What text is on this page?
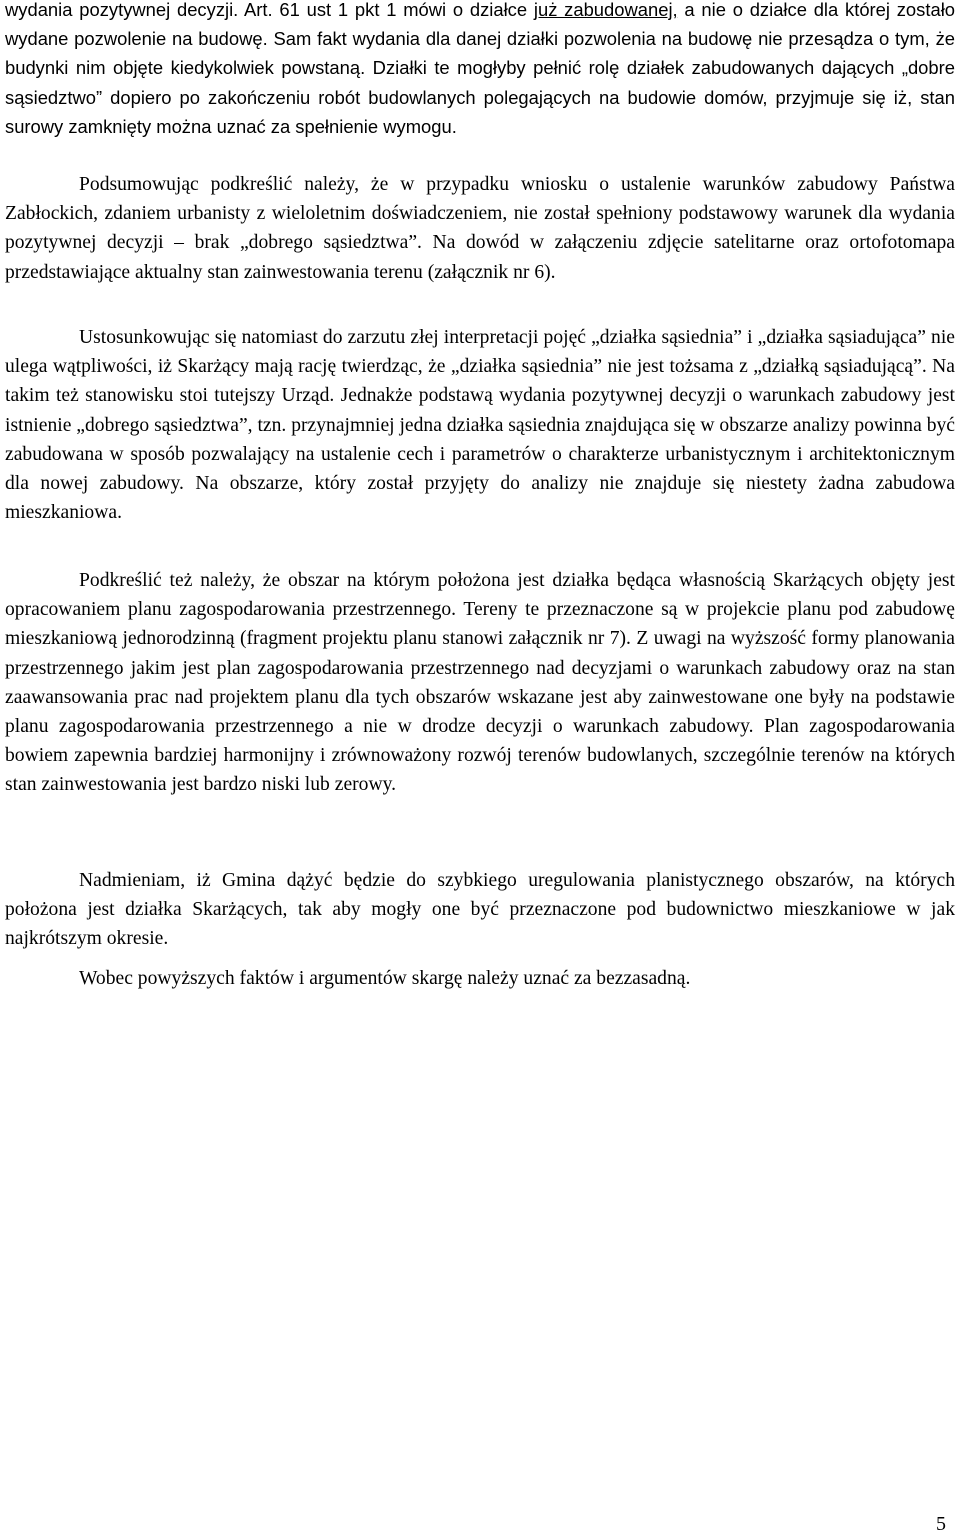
wydania pozytywnej decyzji. Art. 61 ust 1 pkt 1 mówi o działce już zabudowanej, a nie o działce dla której zostało wydane pozwolenie na budowę. Sam fakt wydania dla danej działki pozwolenia na budowę nie przesądza o tym, że budynki nim objęte kiedykolwiek powstaną. Działki te mogłyby pełnić rolę działek zabudowanych dających „dobre sąsiedztwo” dopiero po zakończeniu robót budowlanych polegających na budowie domów, przyjmuje się iż, stan surowy zamknięty można uznać za spełnienie wymogu.

Podsumowując podkreślić należy, że w przypadku wniosku o ustalenie warunków zabudowy Państwa Zabłockich, zdaniem urbanisty z wieloletnim doświadczeniem, nie został spełniony podstawowy warunek dla wydania pozytywnej decyzji – brak „dobrego sąsiedztwa”. Na dowód w załączeniu zdjęcie satelitarne oraz ortofotomapa przedstawiające aktualny stan zainwestowania terenu (załącznik nr 6).

Ustosunkowując się natomiast do zarzutu złej interpretacji pojęć „działka sąsiednia” i „działka sąsiadująca” nie ulega wątpliwości, iż Skarżący mają rację twierdząc, że „działka sąsiednia” nie jest tożsama z „działką sąsiadującą”. Na takim też stanowisku stoi tutejszy Urząd. Jednakże podstawą wydania pozytywnej decyzji o warunkach zabudowy jest istnienie „dobrego sąsiedztwa”, tzn. przynajmniej jedna działka sąsiednia znajdująca się w obszarze analizy powinna być zabudowana w sposób pozwalający na ustalenie cech i parametrów o charakterze urbanistycznym i architektonicznym dla nowej zabudowy. Na obszarze, który został przyjęty do analizy nie znajduje się niestety żadna zabudowa mieszkaniowa.

Podkreślić też należy, że obszar na którym położona jest działka będąca własnością Skarżących objęty jest opracowaniem planu zagospodarowania przestrzennego. Tereny te przeznaczone są w projekcie planu pod zabudowę mieszkaniową jednorodzinną (fragment projektu planu stanowi załącznik nr 7). Z uwagi na wyższość formy planowania przestrzennego jakim jest plan zagospodarowania przestrzennego nad decyzjami o warunkach zabudowy oraz na stan zaawansowania prac nad projektem planu dla tych obszarów wskazane jest aby zainwestowane one były na podstawie planu zagospodarowania przestrzennego a nie w drodze decyzji o warunkach zabudowy. Plan zagospodarowania bowiem zapewnia bardziej harmonijny i zrównoważony rozwój terenów budowlanych, szczególnie terenów na których stan zainwestowania jest bardzo niski lub zerowy.

Nadmieniam, iż Gmina dążyć będzie do szybkiego uregulowania planistycznego obszarów, na których położona jest działka Skarżących, tak aby mogły one być przeznaczone pod budownictwo mieszkaniowe w jak najkrótszym okresie.

Wobec powyższych faktów i argumentów skargę należy uznać za bezzasadną.

5
